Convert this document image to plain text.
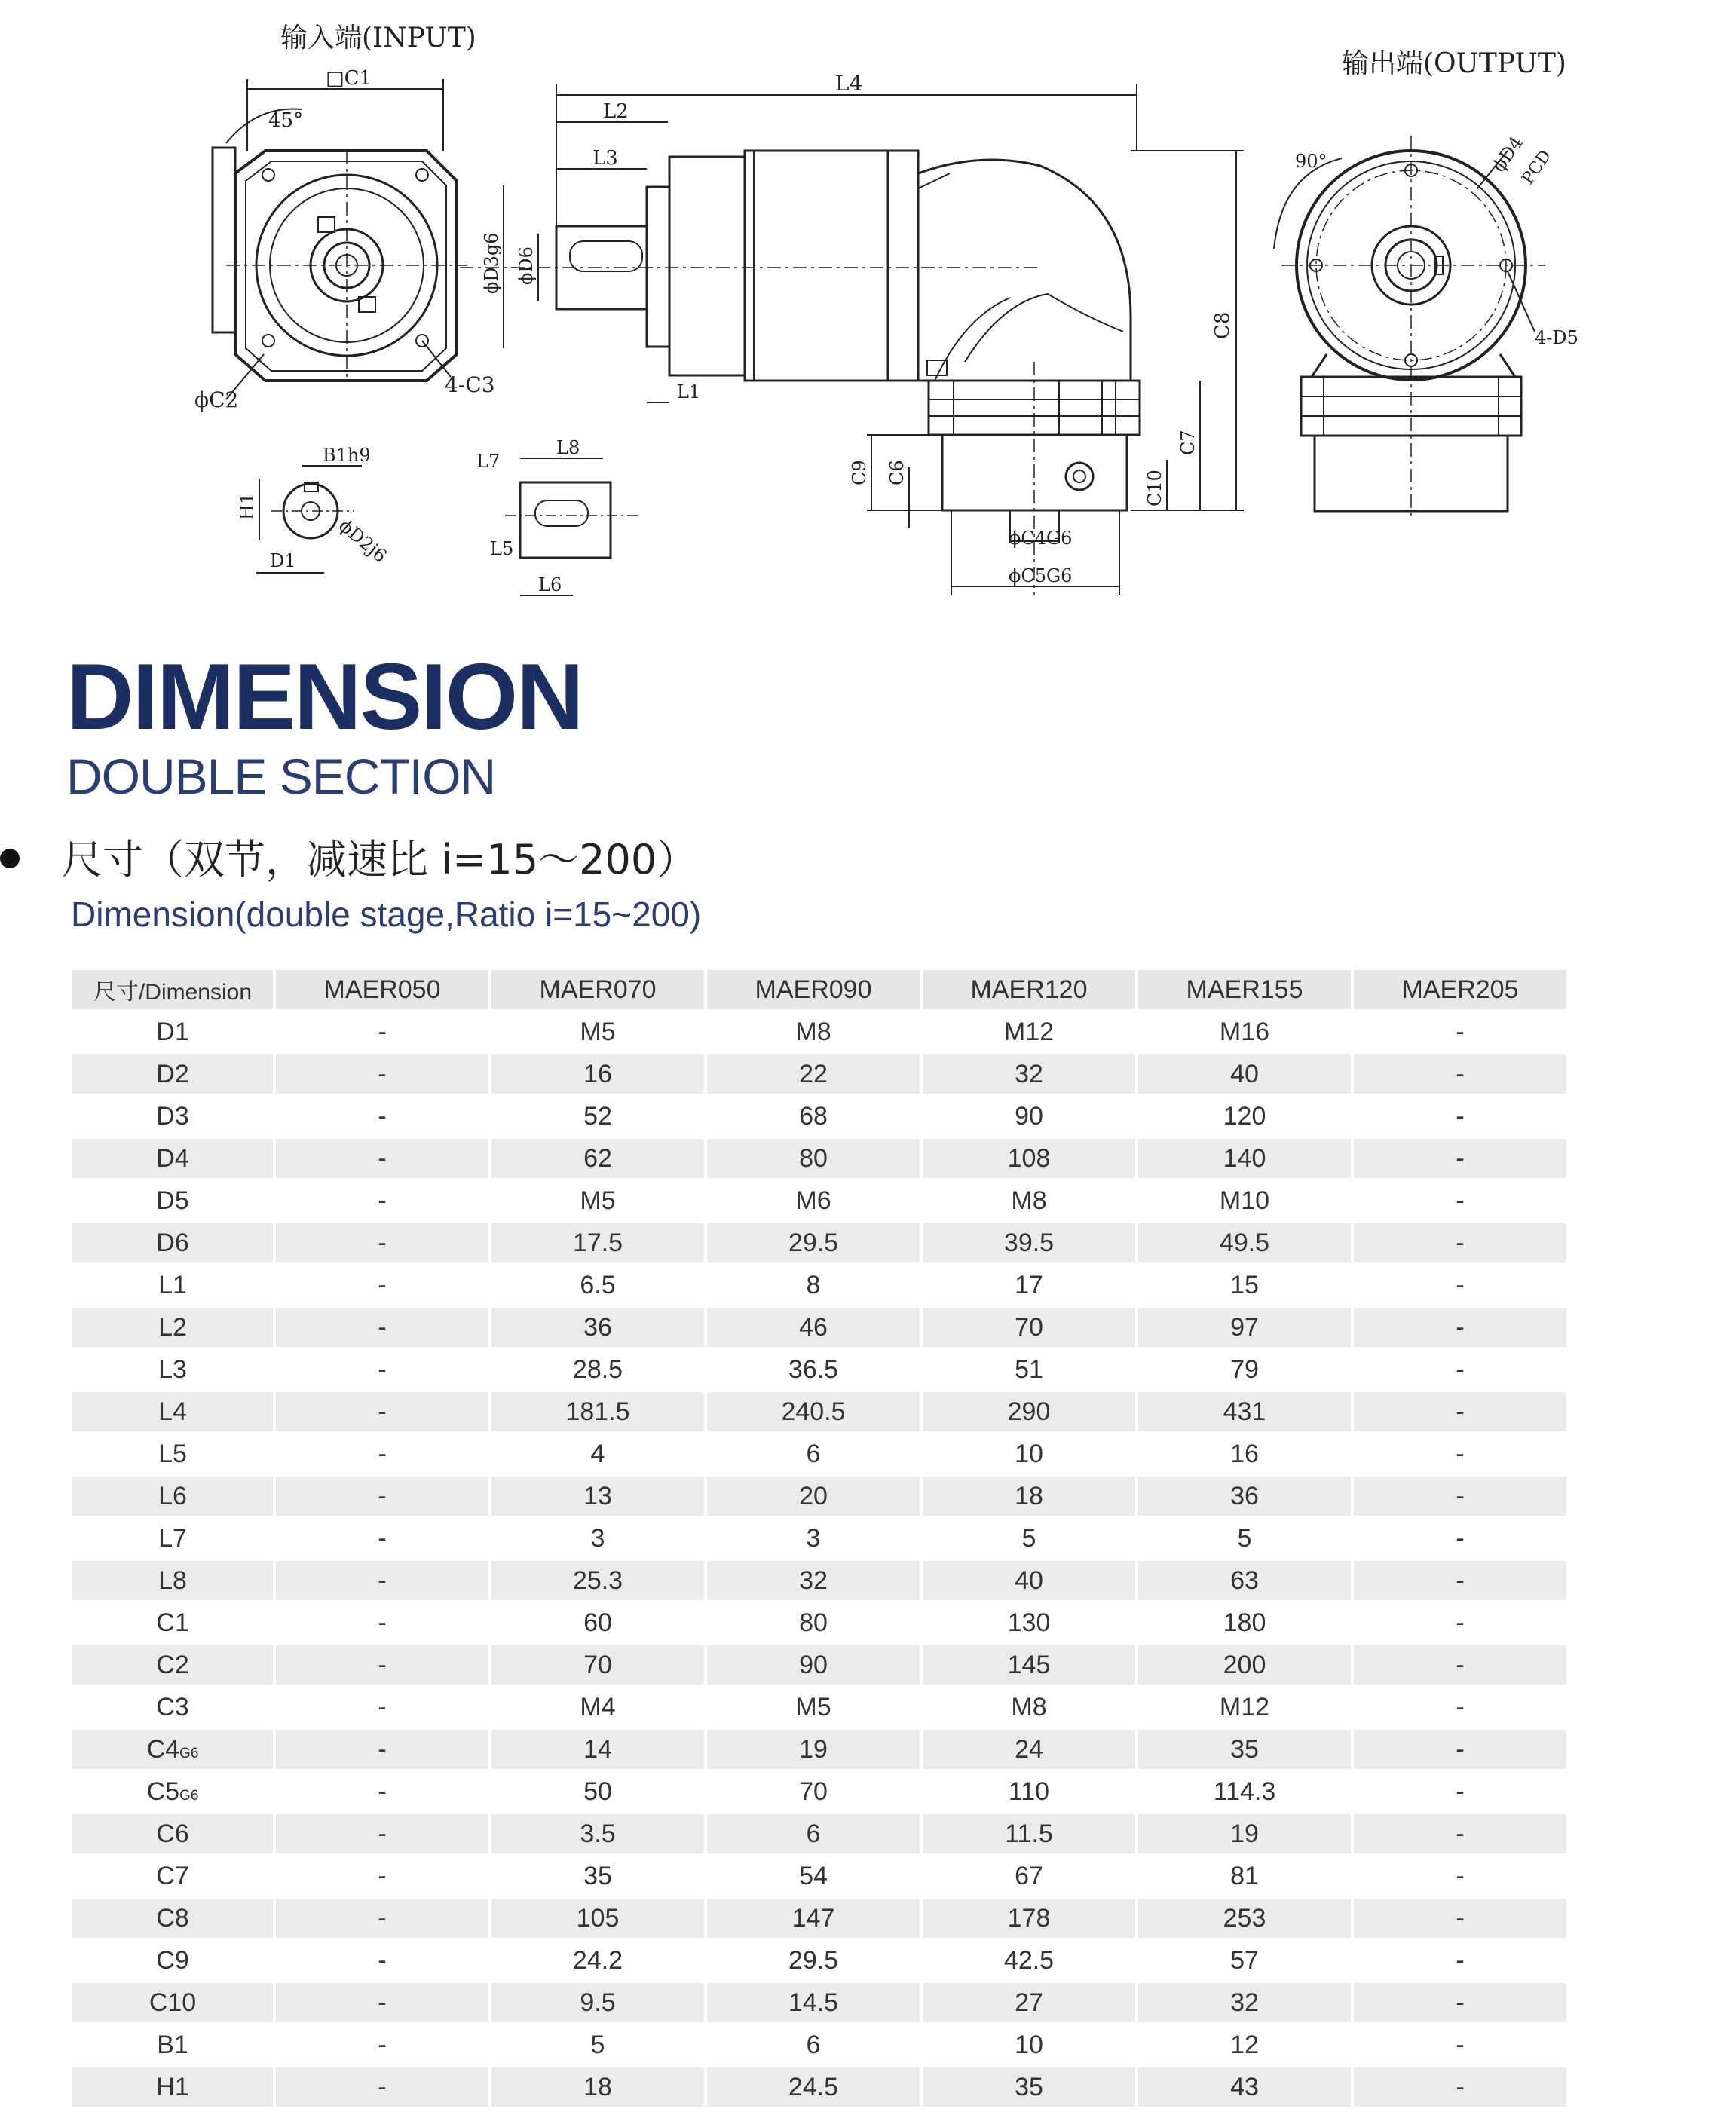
输入端(INPUT)
□C1
45°
ϕC2
4-C3
B1h9
H1
D1 ϕD2j6
L7
L8
L5
L6
L4
L2
L3
ϕD3g6 ϕD6
ϕC4G6
ϕC5G6
C8
C7
C10
C9 C6
L1
输出端(OUTPUT)
90°	ϕD4
PCD
4-D5
DIMENSION
DOUBLE SECTION
尺寸（双节，减速比 i=15～200）
Dimension(double stage,Ratio i=15~200)
尺寸/Dimension	MAER050	MAER070	MAER090	MAER120	MAER155	MAER205
D1	-	M5	M8	M12	M16	-
D2	-	16	22	32	40	-
D3	-	52	68	90	120	-
D4	-	62	80	108	140	-
D5	-	M5	M6	M8	M10	-
D6	-	17.5	29.5	39.5	49.5	-
L1	-	6.5	8	17	15	-
L2	-	36	46	70	97	-
L3	-	28.5	36.5	51	79	-
L4	-	181.5	240.5	290	431	-
L5	-	4	6	10	16	-
L6	-	13	20	18	36	-
L7	-	3	3	5	5	-
L8	-	25.3	32	40	63	-
C1	-	60	80	130	180	-
C2	-	70	90	145	200	-
C3	-	M4	M5	M8	M12	-
C4G6	-	14	19	24	35	-
C5G6	-	50	70	110	114.3	-
C6	-	3.5	6	11.5	19	-
C7	-	35	54	67	81	-
C8	-	105	147	178	253	-
C9	-	24.2	29.5	42.5	57	-
C10	-	9.5	14.5	27	32	-
B1	-	5	6	10	12	-
H1	-	18	24.5	35	43	-
